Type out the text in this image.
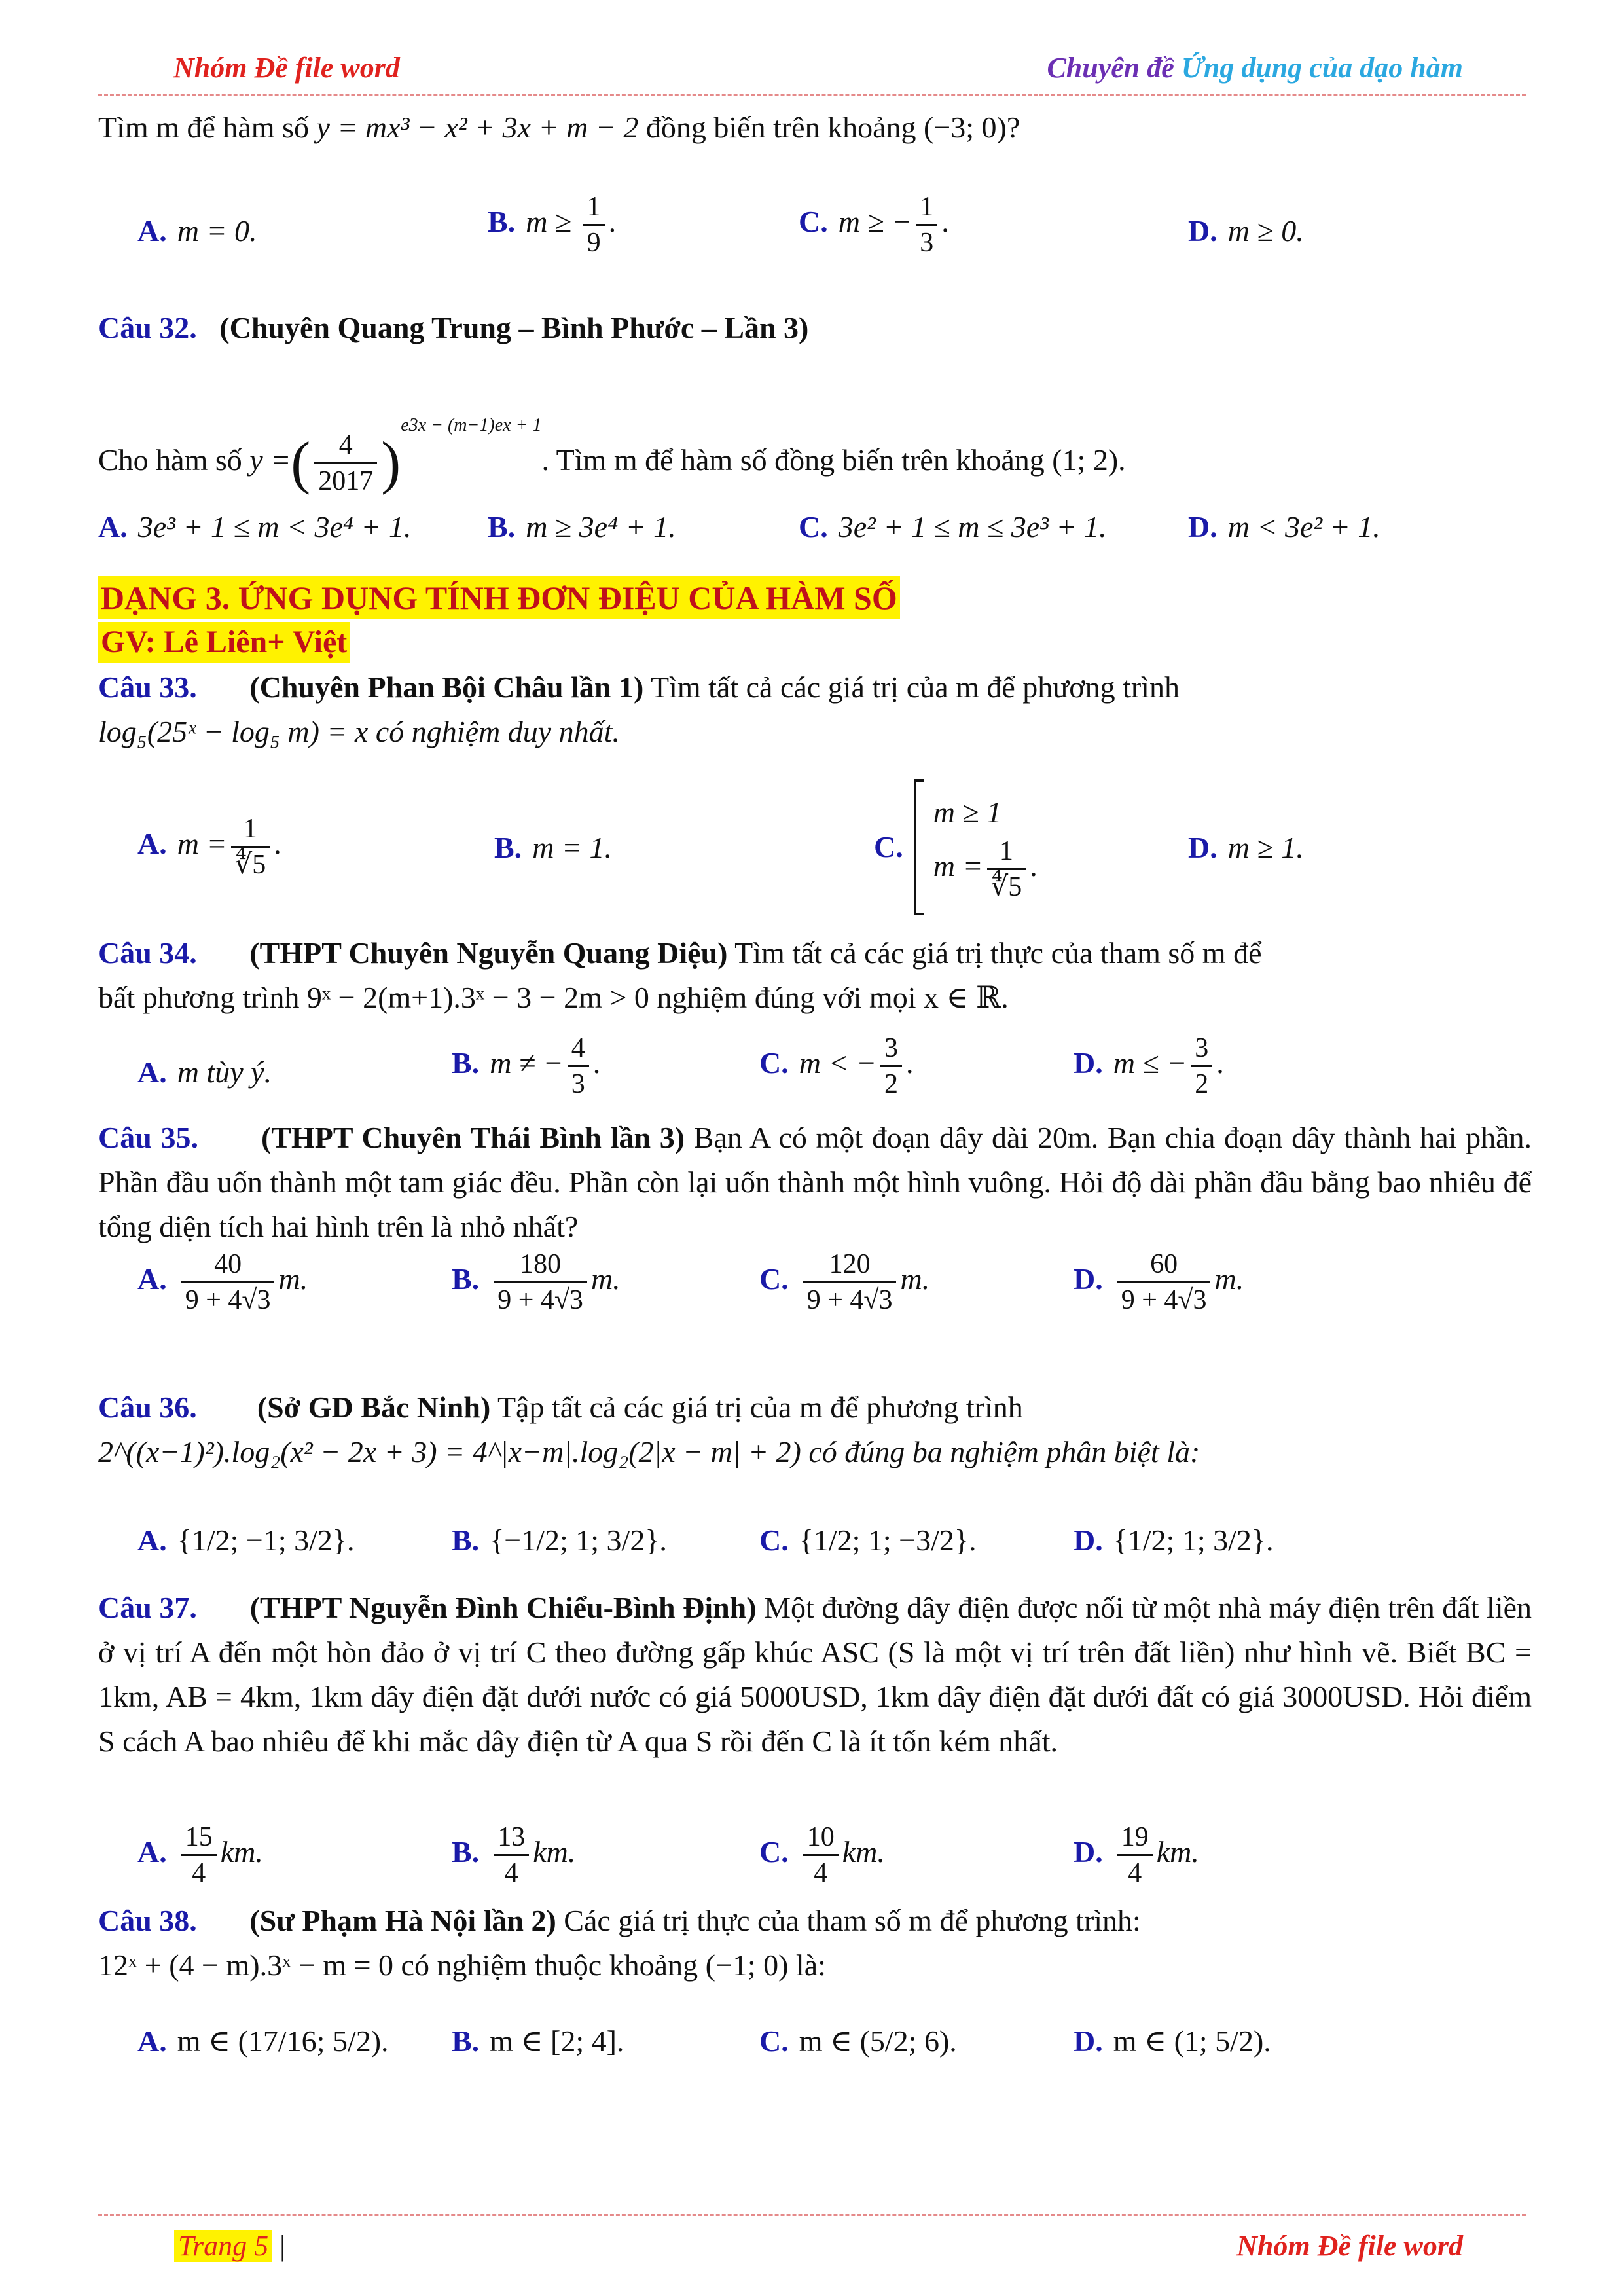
Nhóm Đề file word	Chuyên đề Ứng dụng của dạo hàm
Tìm m để hàm số y = mx³ − x² + 3x + m − 2 đồng biến trên khoảng (−3; 0)?
A. m = 0.	B. $m \ge \frac{1}{9}$ .	C. m ≥ − $\frac{1}{3}$ .	D. m ≥ 0.
Câu 32. (Chuyên Quang Trung – Bình Phước – Lần 3)
Cho hàm số y =( $\frac{4}{2017} )^{e3x - (m-1)ex + 1}$. Tìm m để hàm số đồng biến trên khoảng (1; 2).
A. 3e³ + 1 ≤ m < 3e⁴ + 1.	B. m ≥ 3e⁴ + 1.	C. 3e² + 1 ≤ m ≤ 3e³ + 1.	D. m < 3e² + 1.
DẠNG 3. ỨNG DỤNG TÍNH ĐƠN ĐIỆU CỦA HÀM SỐ
GV: Lê Liên+ Việt
Câu 33. (Chuyên Phan Bội Châu lần 1) Tìm tất cả các giá trị của m để phương trình
log₅(25ˣ − log₅ m) = x có nghiệm duy nhất.
A. $m = \frac{1}{∜5}$ .	B. m = 1.	C.
m ≥ 1
$m = \frac{1}{∜5}$ .
D. m ≥ 1.
Câu 34. (THPT Chuyên Nguyễn Quang Diệu) Tìm tất cả các giá trị thực của tham số m để
bất phương trình 9ˣ − 2(m+1).3ˣ − 3 − 2m > 0 nghiệm đúng với mọi x ∈ ℝ.
A. m tùy ý.	B. m ≠ − $\frac{4}{3}$ .	C. m < − $\frac{3}{2}$ .	D. m ≤ − $\frac{3}{2}$ .
Câu 35. (THPT Chuyên Thái Bình lần 3) Bạn A có một đoạn dây dài 20m. Bạn chia đoạn dây thành hai phần. Phần đầu uốn thành một tam giác đều. Phần còn lại uốn thành một hình vuông. Hỏi độ dài phần đầu bằng bao nhiêu để tổng diện tích hai hình trên là nhỏ nhất?
A. $\frac{40}{9 + 4√3} m$.	B. $\frac{180}{9 + 4√3} m$.	C. $\frac{120}{9 + 4√3} m$.	D. $\frac{60}{9 + 4√3} m$.
Câu 36. (Sở GD Bắc Ninh) Tập tất cả các giá trị của m để phương trình
2^((x−1)²).log₂(x² − 2x + 3) = 4^|x−m|.log₂(2|x − m| + 2) có đúng ba nghiệm phân biệt là:
A. {1/2; −1; 3/2}.	B. {−1/2; 1; 3/2}.	C. {1/2; 1; −3/2}.	D. {1/2; 1; 3/2}.
Câu 37. (THPT Nguyễn Đình Chiểu-Bình Định) Một đường dây điện được nối từ một nhà máy điện trên đất liền ở vị trí A đến một hòn đảo ở vị trí C theo đường gấp khúc ASC (S là một vị trí trên đất liền) như hình vẽ. Biết BC = 1km, AB = 4km, 1km dây điện đặt dưới nước có giá 5000USD, 1km dây điện đặt dưới đất có giá 3000USD. Hỏi điểm S cách A bao nhiêu để khi mắc dây điện từ A qua S rồi đến C là ít tốn kém nhất.
A. $\frac{15}{4}$ km.	B. $\frac{13}{4}$ km.	C. $\frac{10}{4}$ km.	D. $\frac{19}{4}$ km.
Câu 38. (Sư Phạm Hà Nội lần 2) Các giá trị thực của tham số m để phương trình:
12ˣ + (4 − m).3ˣ − m = 0 có nghiệm thuộc khoảng (−1; 0) là:
A. m ∈ (17/16; 5/2). B. m ∈ [2; 4].	C. m ∈ (5/2; 6).	D. m ∈ (1; 5/2).
Trang 5 |	Nhóm Đề file word
